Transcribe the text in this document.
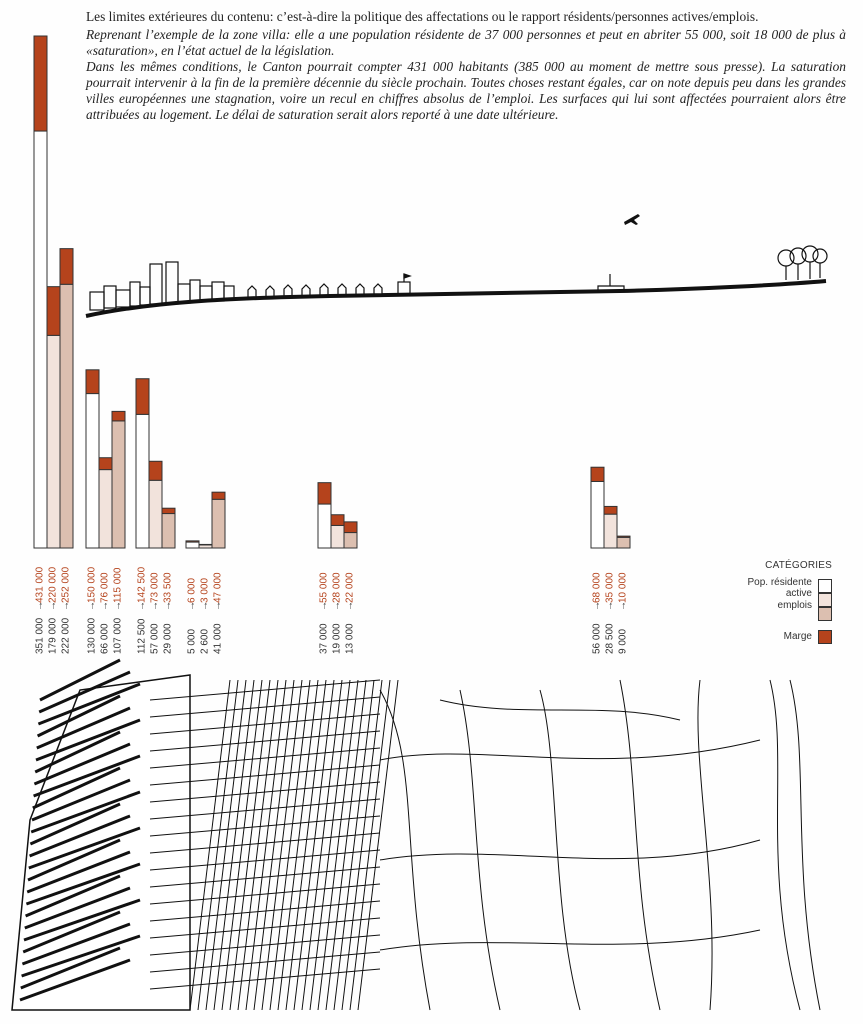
Les limites extérieures du contenu: c’est-à-dire la politique des affectations ou le rapport résidents/personnes actives/emplois.

Reprenant l’exemple de la zone villa: elle a une population résidente de 37 000 personnes et peut en abriter 55 000, soit 18 000 de plus à «saturation», en l’état actuel de la législation.

Dans les mêmes conditions, le Canton pourrait compter 431 000 habitants (385 000 au moment de mettre sous presse). La saturation pourrait intervenir à la fin de la première décennie du siècle prochain. Toutes choses restant égales, car on note depuis peu dans les grandes villes européennes une stagnation, voire un recul en chiffres absolus de l’emploi. Les surfaces qui lui sont affectées pourraient alors être attribuées au logement. Le délai de saturation serait alors reporté à une date ultérieure.

351 000
→
431 000
179 000
→
220 000
222 000
→
252 000
130 000
→
150 000
66 000
→
76 000
107 000
→
115 000
112 500
→
142 500
57 000
→
73 000
29 000
→
33 500
5 000
→
6 000
2 600
→
3 000
41 000
→
47 000
37 000
→
55 000
19 000
→
28 000
13 000
→
22 000
56 000
→
68 000
28 500
→
35 000
9 000
→
10 000
CATÉGORIES
Pop. résidente
active
emplois
Marge
